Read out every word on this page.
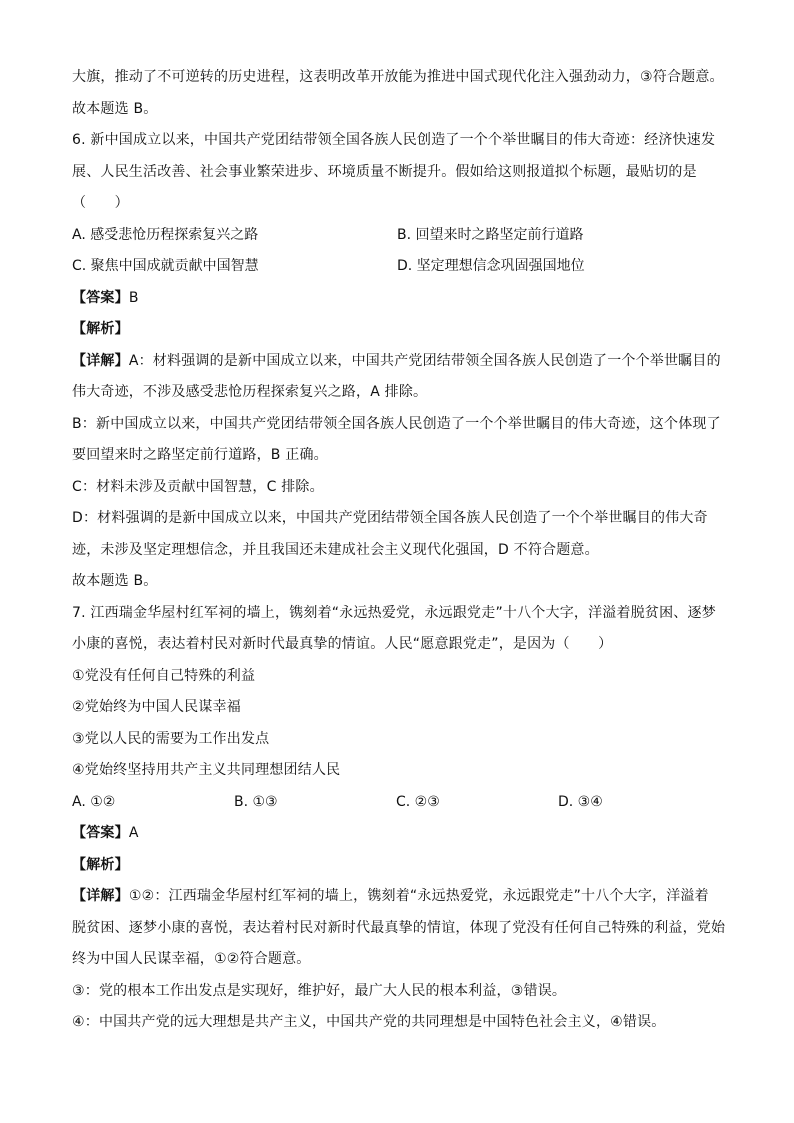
大旗，推动了不可逆转的历史进程，这表明改革开放能为推进中国式现代化注入强劲动力，③符合题意。
故本题选 B。
6. 新中国成立以来，中国共产党团结带领全国各族人民创造了一个个举世瞩目的伟大奇迹：经济快速发
展、人民生活改善、社会事业繁荣进步、环境质量不断提升。假如给这则报道拟个标题，最贴切的是
（　　）
A. 感受悲怆历程探索复兴之路	B. 回望来时之路坚定前行道路
C. 聚焦中国成就贡献中国智慧	D. 坚定理想信念巩固强国地位
【答案】B
【解析】
【详解】A：材料强调的是新中国成立以来，中国共产党团结带领全国各族人民创造了一个个举世瞩目的
伟大奇迹，不涉及感受悲怆历程探索复兴之路，A 排除。
B：新中国成立以来，中国共产党团结带领全国各族人民创造了一个个举世瞩目的伟大奇迹，这个体现了
要回望来时之路坚定前行道路，B 正确。
C：材料未涉及贡献中国智慧，C 排除。
D：材料强调的是新中国成立以来，中国共产党团结带领全国各族人民创造了一个个举世瞩目的伟大奇
迹，未涉及坚定理想信念，并且我国还未建成社会主义现代化强国，D 不符合题意。
故本题选 B。
7. 江西瑞金华屋村红军祠的墙上，镌刻着“永远热爱党，永远跟党走”十八个大字，洋溢着脱贫困、逐梦
小康的喜悦，表达着村民对新时代最真挚的情谊。人民“愿意跟党走”，是因为（　　）
①党没有任何自己特殊的利益
②党始终为中国人民谋幸福
③党以人民的需要为工作出发点
④党始终坚持用共产主义共同理想团结人民
A. ①②	B. ①③	C. ②③	D. ③④
【答案】A
【解析】
【详解】①②：江西瑞金华屋村红军祠的墙上，镌刻着“永远热爱党，永远跟党走”十八个大字，洋溢着
脱贫困、逐梦小康的喜悦，表达着村民对新时代最真挚的情谊，体现了党没有任何自己特殊的利益，党始
终为中国人民谋幸福，①②符合题意。
③：党的根本工作出发点是实现好，维护好，最广大人民的根本利益，③错误。
④：中国共产党的远大理想是共产主义，中国共产党的共同理想是中国特色社会主义，④错误。
